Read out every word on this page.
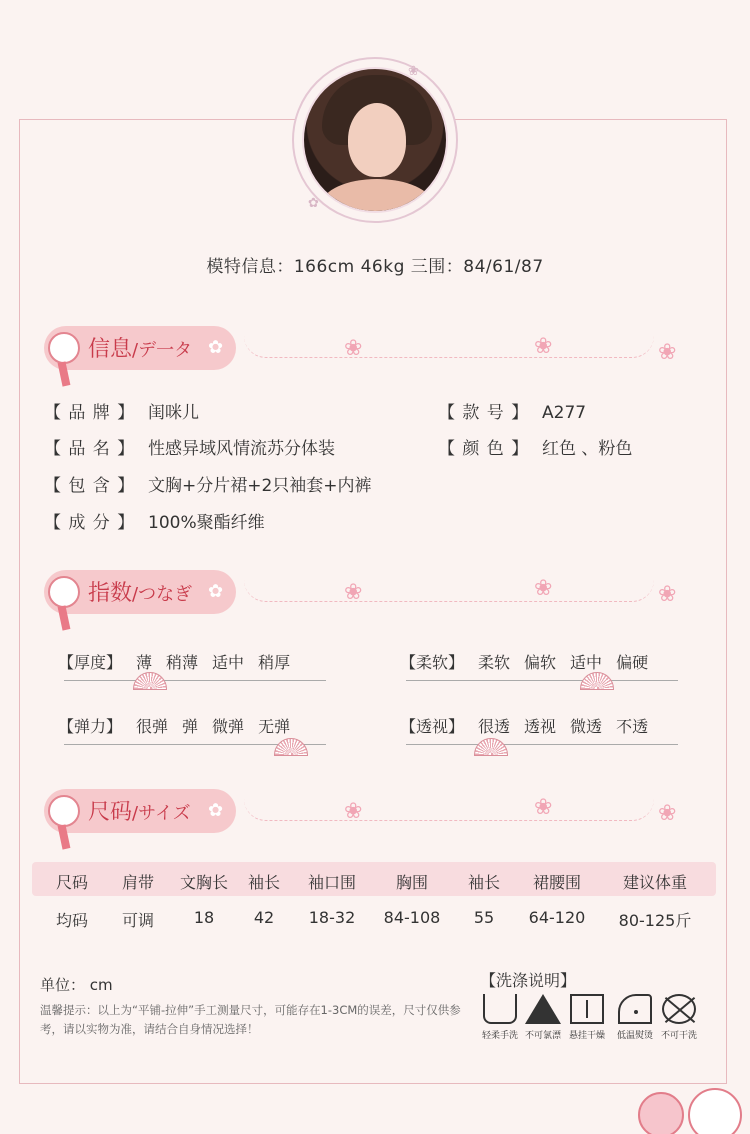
✿
❀
模特信息：166cm 46kg 三围：84/61/87
信息/デ一タ ✿	❀	❀	❀
【 品 牌 】 闺咪儿	【 款 号 】 A277
【 品 名 】 性感异域风情流苏分体装	【 颜 色 】 红色 、粉色
【 包 含 】 文胸+分片裙+2只袖套+内裤
【 成 分 】 100%聚酯纤维
指数/つなぎ ✿	❀	❀	❀
【厚度】 薄 稍薄 适中 稍厚	【柔软】 柔软 偏软 适中 偏硬
【弹力】 很弹 弹 微弹 无弹	【透视】 很透 透视 微透 不透
尺码/サイズ ✿	❀	❀	❀
尺码	肩带	文胸长	袖长	袖口围	胸围	袖长	裙腰围	建议体重
均码	可调	18	42	18-32	84-108	55	64-120	80-125斤
单位： cm
温馨提示：以上为“平铺-拉伸”手工测量尺寸，可能存在1-3CM的误差，尺寸仅供参考，请以实物为准，请结合自身情况选择！
【洗涤说明】
轻柔手洗 不可氯漂 悬挂干燥	低温熨烫 不可干洗
